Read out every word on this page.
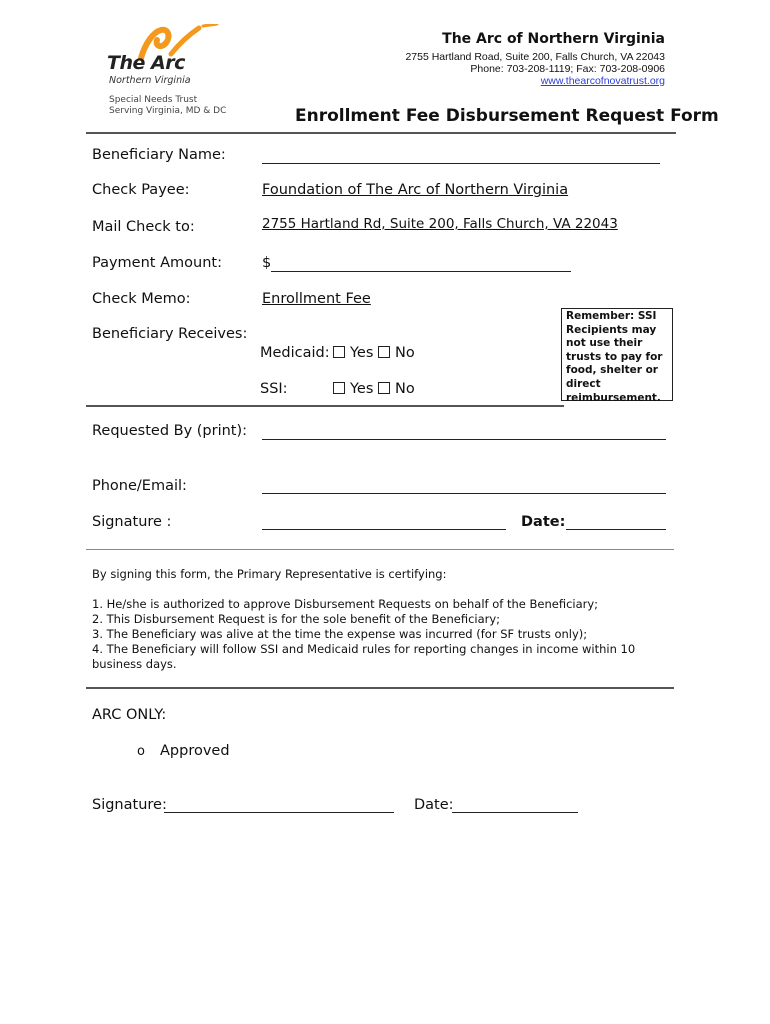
The Arc
Northern Virginia
Special Needs Trust
Serving Virginia, MD & DC
The Arc of Northern Virginia
2755 Hartland Road, Suite 200, Falls Church, VA 22043
Phone: 703-208-1119; Fax: 703-208-0906
www.thearcofnovatrust.org
Enrollment Fee Disbursement Request Form
Beneficiary Name:
Check Payee:	Foundation of The Arc of Northern Virginia
Mail Check to:	2755 Hartland Rd, Suite 200, Falls Church, VA 22043
Payment Amount:	$
Check Memo:	Enrollment Fee
Beneficiary Receives:
Medicaid:	Yes	No
SSI:	Yes	No
Remember: SSI
Recipients may
not use their
trusts to pay for
food, shelter or
direct
reimbursement.
Requested By (print):
Phone/Email:
Signature :	Date:
By signing this form, the Primary Representative is certifying:
1. He/she is authorized to approve Disbursement Requests on behalf of the Beneficiary;
2. This Disbursement Request is for the sole benefit of the Beneficiary;
3. The Beneficiary was alive at the time the expense was incurred (for SF trusts only);
4. The Beneficiary will follow SSI and Medicaid rules for reporting changes in income within 10
business days.
ARC ONLY:
o Approved
Signature:	Date:
